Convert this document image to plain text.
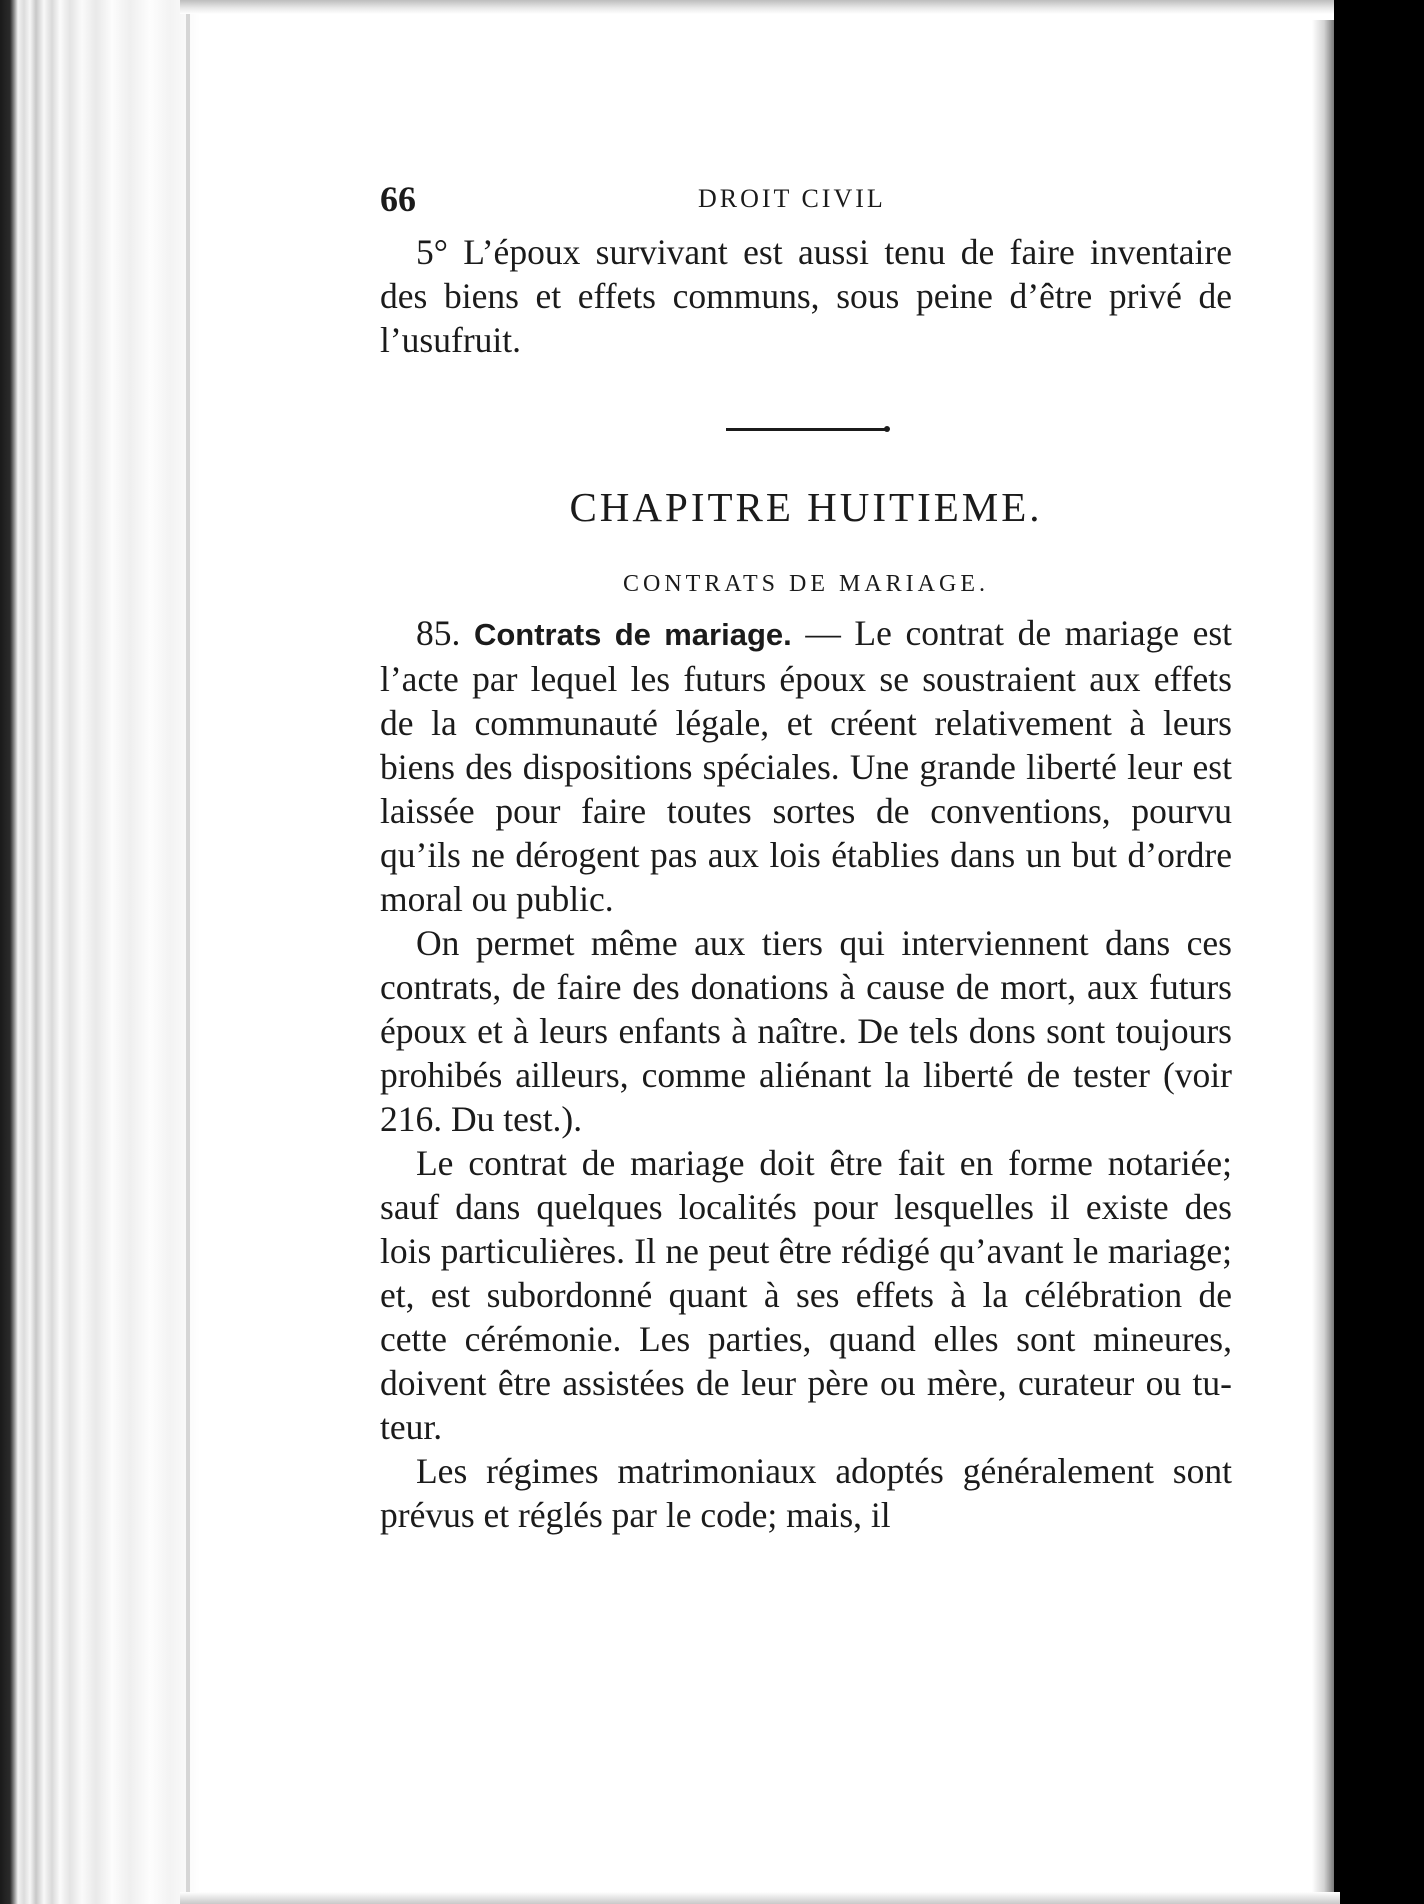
66	DROIT CIVIL

5° L’époux survivant est aussi tenu de faire inventaire des biens et effets communs, sous peine d’être privé de l’usufruit.

CHAPITRE HUITIEME.
CONTRATS DE MARIAGE.

85. Contrats de mariage. — Le contrat de mariage est l’acte par lequel les futurs époux se soustraient aux effets de la communauté légale, et créent relativement à leurs biens des dispositions spéciales. Une grande liberté leur est laissée pour faire toutes sortes de conventions, pourvu qu’ils ne dérogent pas aux lois établies dans un but d’ordre moral ou public.

On permet même aux tiers qui interviennent dans ces contrats, de faire des donations à cause de mort, aux futurs époux et à leurs enfants à naître. De tels dons sont toujours prohibés ailleurs, comme aliénant la liberté de tester (voir 216. Du test.).

Le contrat de mariage doit être fait en forme notariée; sauf dans quelques localités pour lesquelles il existe des lois particulières. Il ne peut être rédigé qu’avant le mariage; et, est subordonné quant à ses effets à la célébration de cette cérémonie. Les parties, quand elles sont mineures, doivent être assistées de leur père ou mère, curateur ou tuteur.

Les régimes matrimoniaux adoptés généralement sont prévus et réglés par le code; mais, il
